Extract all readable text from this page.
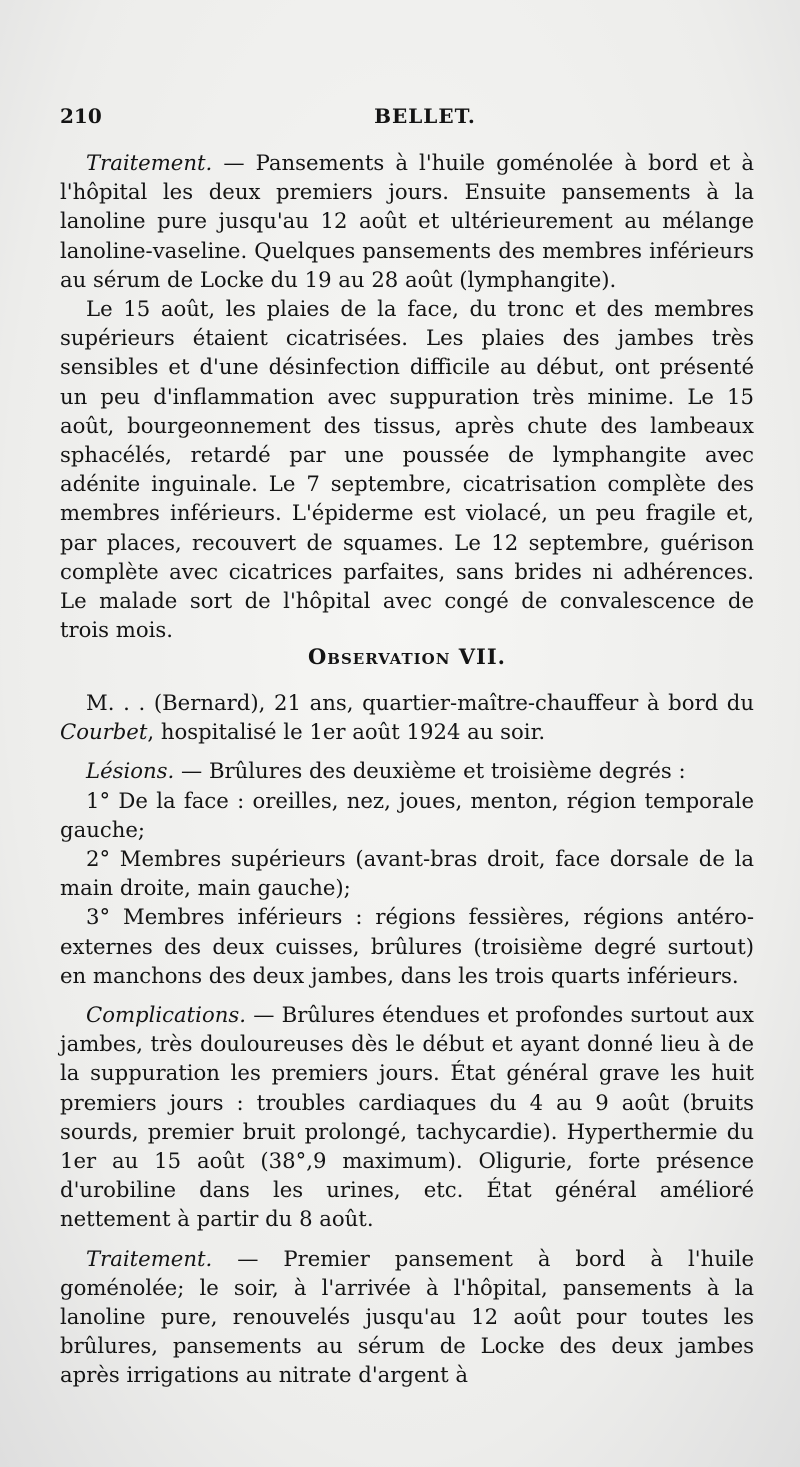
210	BELLET.

Traitement. — Pansements à l'huile goménolée à bord et à l'hôpital les deux premiers jours. Ensuite pansements à la lanoline pure jusqu'au 12 août et ultérieurement au mélange lanoline-vaseline. Quelques pansements des membres inférieurs au sérum de Locke du 19 au 28 août (lymphangite).

Le 15 août, les plaies de la face, du tronc et des membres supérieurs étaient cicatrisées. Les plaies des jambes très sensibles et d'une désinfection difficile au début, ont présenté un peu d'inflammation avec suppuration très minime. Le 15 août, bourgeonnement des tissus, après chute des lambeaux sphacélés, retardé par une poussée de lymphangite avec adénite inguinale. Le 7 septembre, cicatrisation complète des membres inférieurs. L'épiderme est violacé, un peu fragile et, par places, recouvert de squames. Le 12 septembre, guérison complète avec cicatrices parfaites, sans brides ni adhérences. Le malade sort de l'hôpital avec congé de convalescence de trois mois.

Observation VII.

M. . . (Bernard), 21 ans, quartier-maître-chauffeur à bord du Courbet, hospitalisé le 1er août 1924 au soir.

Lésions. — Brûlures des deuxième et troisième degrés :

1° De la face : oreilles, nez, joues, menton, région temporale gauche;

2° Membres supérieurs (avant-bras droit, face dorsale de la main droite, main gauche);

3° Membres inférieurs : régions fessières, régions antéro-externes des deux cuisses, brûlures (troisième degré surtout) en manchons des deux jambes, dans les trois quarts inférieurs.

Complications. — Brûlures étendues et profondes surtout aux jambes, très douloureuses dès le début et ayant donné lieu à de la suppuration les premiers jours. État général grave les huit premiers jours : troubles cardiaques du 4 au 9 août (bruits sourds, premier bruit prolongé, tachycardie). Hyperthermie du 1er au 15 août (38°,9 maximum). Oligurie, forte présence d'urobiline dans les urines, etc. État général amélioré nettement à partir du 8 août.

Traitement. — Premier pansement à bord à l'huile goménolée; le soir, à l'arrivée à l'hôpital, pansements à la lanoline pure, renouvelés jusqu'au 12 août pour toutes les brûlures, pansements au sérum de Locke des deux jambes après irrigations au nitrate d'argent à
